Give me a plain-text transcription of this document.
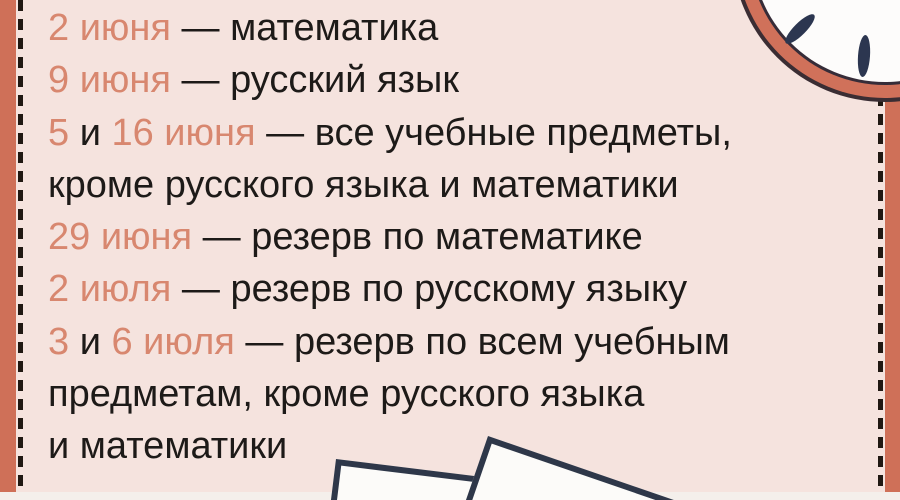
2 июня — математика
9 июня — русский язык
5 и 16 июня — все учебные предметы,
кроме русского языка и математики
29 июня — резерв по математике
2 июля — резерв по русскому языку
3 и 6 июля — резерв по всем учебным
предметам, кроме русского языка
и математики
